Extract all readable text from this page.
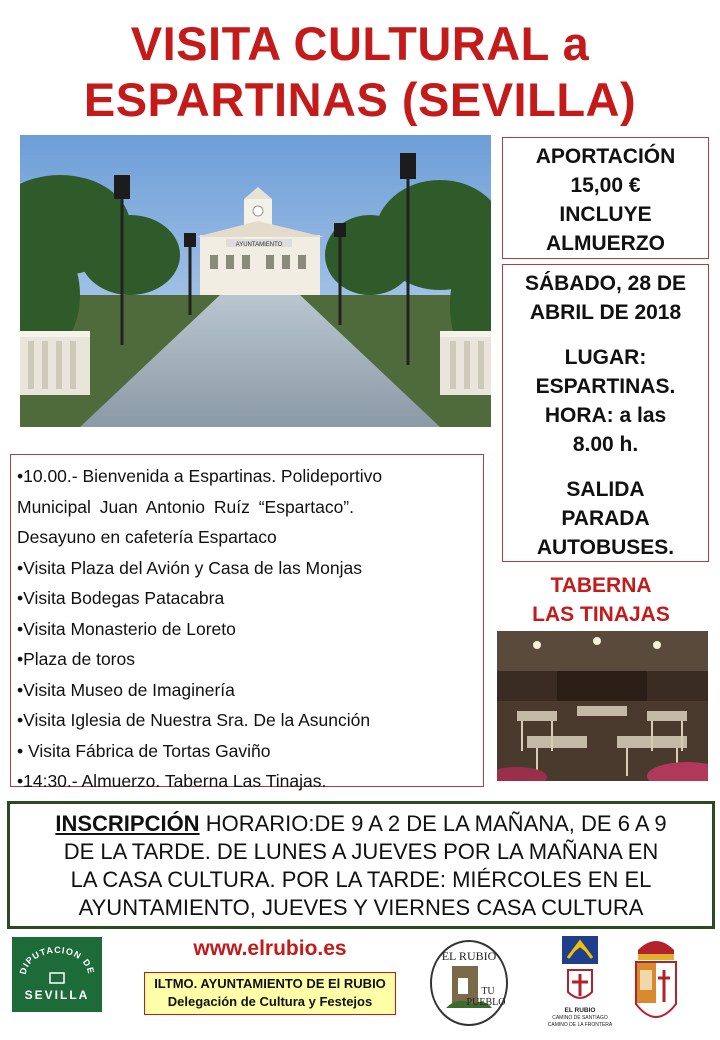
VISITA CULTURAL a
ESPARTINAS (SEVILLA)
AYUNTAMIENTO
APORTACIÓN
15,00 €
INCLUYE
ALMUERZO
SÁBADO, 28 DE
ABRIL DE 2018
LUGAR:
ESPARTINAS.
HORA: a las
8.00 h.
SALIDA
PARADA
AUTOBUSES.
•10.00.- Bienvenida a Espartinas. Polideportivo
Municipal Juan Antonio Ruíz “Espartaco”.
Desayuno en cafetería Espartaco
•Visita Plaza del Avión y Casa de las Monjas
•Visita Bodegas Patacabra
•Visita Monasterio de Loreto
•Plaza de toros
•Visita Museo de Imaginería
•Visita Iglesia de Nuestra Sra. De la Asunción
• Visita Fábrica de Tortas Gaviño
•14:30.- Almuerzo. Taberna Las Tinajas.
TABERNA
LAS TINAJAS
INSCRIPCIÓN HORARIO:DE 9 A 2 DE LA MAÑANA, DE 6 A 9
DE LA TARDE. DE LUNES A JUEVES POR LA MAÑANA EN
LA CASA CULTURA. POR LA TARDE: MIÉRCOLES EN EL
AYUNTAMIENTO, JUEVES Y VIERNES CASA CULTURA
DIPUTACION DE
SEVILLA
www.elrubio.es
ILTMO. AYUNTAMIENTO DE El RUBIO
Delegación de Cultura y Festejos
EL RUBIO
TU
PUEBLO
EL RUBIO
CAMINO DE SANTIAGO
CAMINO DE LA FRONTERA
